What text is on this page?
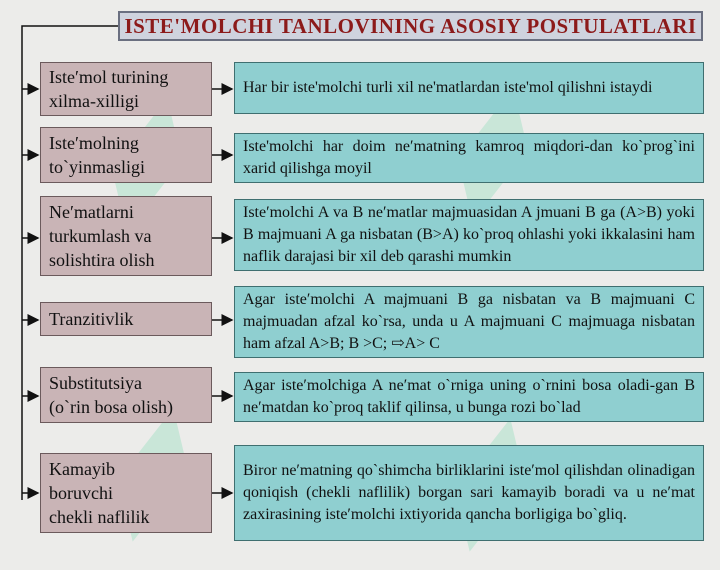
ISTE'MOLCHI TANLOVINING ASOSIY POSTULATLARI
Iste′mol turining
xilma-xilligi
Har bir iste'molchi turli xil ne'matlardan iste'mol qilishni istaydi
Iste′molning
to`yinmasligi
Iste'molchi har doim ne′matning kamroq miqdori-dan ko`prog`ini xarid qilishga moyil
Ne′matlarni
turkumlash va
solishtira olish
Iste′molchi A va B ne′matlar majmuasidan A jmuani B ga (A>B) yoki B majmuani A ga nisbatan (B>A) ko`proq ohlashi yoki ikkalasini ham naflik darajasi bir xil deb qarashi mumkin
Tranzitivlik
Agar iste′molchi A majmuani B ga nisbatan va B majmuani C majmuadan afzal ko`rsa, unda u A majmuani C majmuaga nisbatan ham afzal A>B; B >C; ⇨A> C
Substitutsiya
(o`rin bosa olish)
Agar iste′molchiga A ne′mat o`rniga uning o`rnini bosa oladi-gan B ne′matdan ko`proq taklif qilinsa, u bunga rozi bo`lad
Kamayib
boruvchi
chekli naflilik
Biror ne′matning qo`shimcha birliklarini iste′mol qilishdan olinadigan qoniqish (chekli naflilik) borgan sari kamayib boradi va u ne′mat zaxirasining iste′molchi ixtiyorida qancha borligiga bo`gliq.
